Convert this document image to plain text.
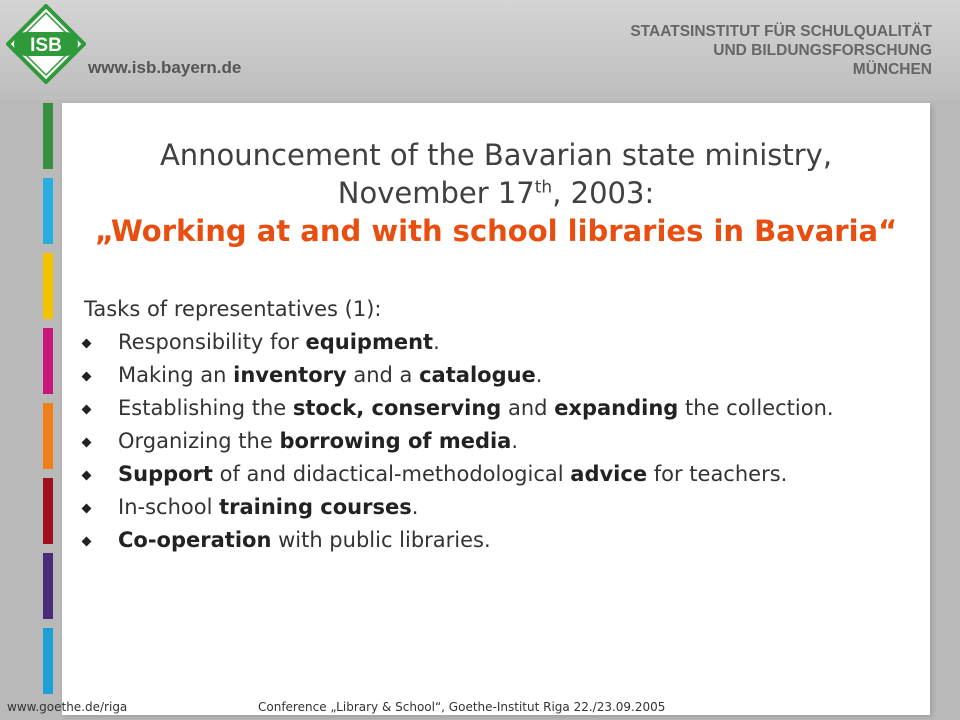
ISB
www.isb.bayern.de
STAATSINSTITUT FÜR SCHULQUALITÄT
UND BILDUNGSFORSCHUNG
MÜNCHEN
Announcement of the Bavarian state ministry,
November 17th, 2003:
„Working at and with school libraries in Bavaria“
Tasks of representatives (1):
Responsibility for equipment.
Making an inventory and a catalogue.
Establishing the stock, conserving and expanding the collection.
Organizing the borrowing of media.
Support of and didactical-methodological advice for teachers.
In-school training courses.
Co-operation with public libraries.
www.goethe.de/riga	Conference „Library & School“, Goethe-Institut Riga 22./23.09.2005
